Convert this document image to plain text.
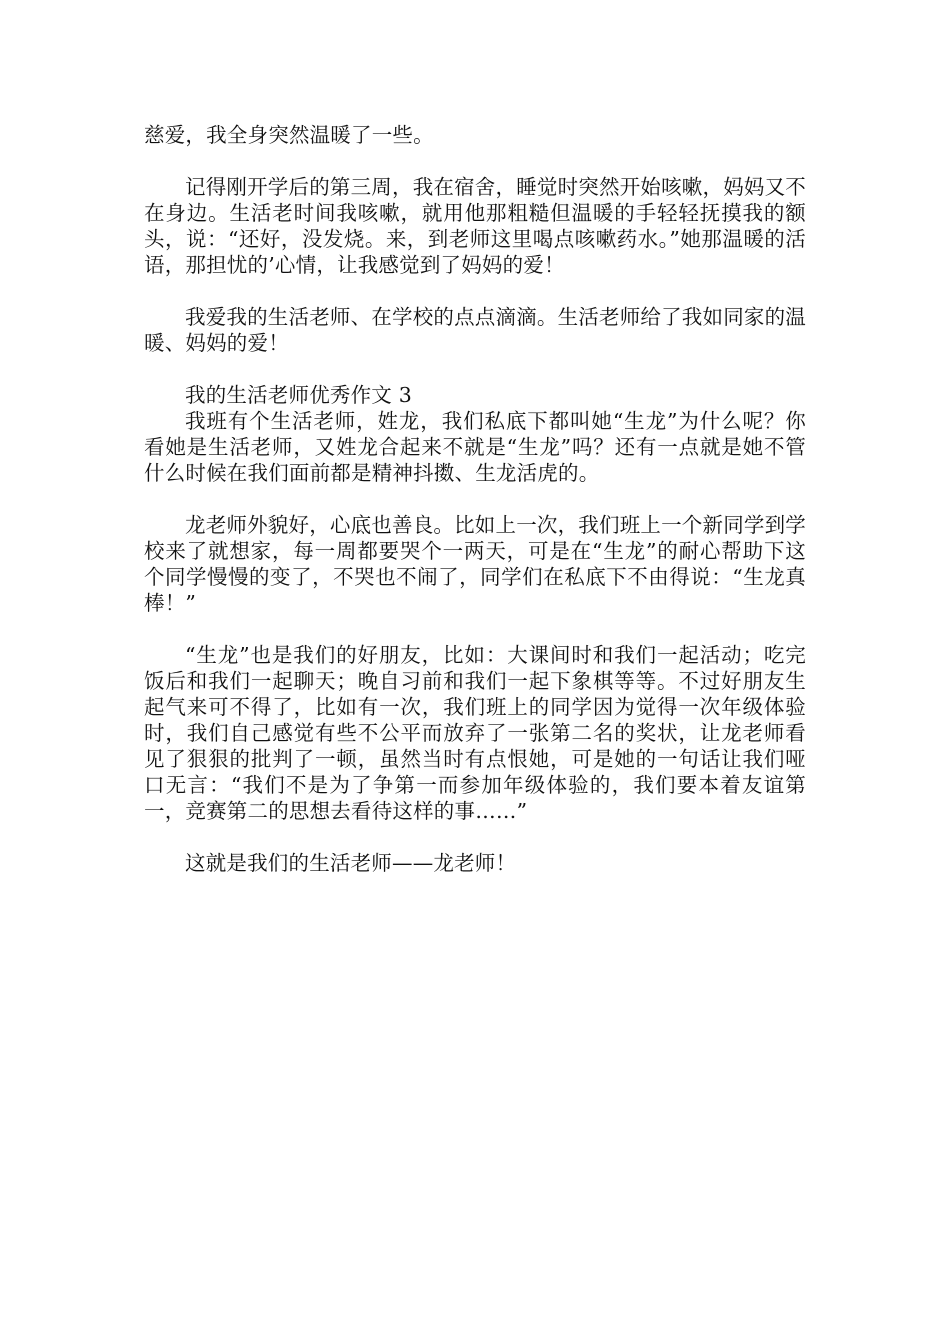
慈爱，我全身突然温暖了一些。

记得刚开学后的第三周，我在宿舍，睡觉时突然开始咳嗽，妈妈又不在身边。生活老时间我咳嗽，就用他那粗糙但温暖的手轻轻抚摸我的额头，说：“还好，没发烧。来，到老师这里喝点咳嗽药水。”她那温暖的活语，那担忧的’心情，让我感觉到了妈妈的爱！

我爱我的生活老师、在学校的点点滴滴。生活老师给了我如同家的温暖、妈妈的爱！

我的生活老师优秀作文 3

我班有个生活老师，姓龙，我们私底下都叫她“生龙”为什么呢？你看她是生活老师，又姓龙合起来不就是“生龙”吗？还有一点就是她不管什么时候在我们面前都是精神抖擞、生龙活虎的。

龙老师外貌好，心底也善良。比如上一次，我们班上一个新同学到学校来了就想家，每一周都要哭个一两天，可是在“生龙”的耐心帮助下这个同学慢慢的变了，不哭也不闹了，同学们在私底下不由得说：“生龙真棒！”

“生龙”也是我们的好朋友，比如：大课间时和我们一起活动；吃完饭后和我们一起聊天；晚自习前和我们一起下象棋等等。不过好朋友生起气来可不得了，比如有一次，我们班上的同学因为觉得一次年级体验时，我们自己感觉有些不公平而放弃了一张第二名的奖状，让龙老师看见了狠狠的批判了一顿，虽然当时有点恨她，可是她的一句话让我们哑口无言：“我们不是为了争第一而参加年级体验的，我们要本着友谊第一，竞赛第二的思想去看待这样的事……”

这就是我们的生活老师——龙老师！
